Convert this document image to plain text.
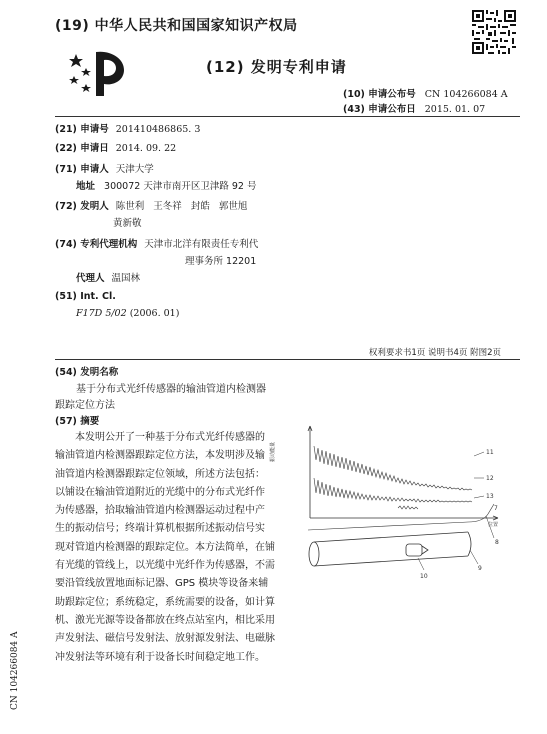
(19) 中华人民共和国国家知识产权局
(12) 发明专利申请
(10) 申请公布号 CN 104266084 A
(43) 申请公布日 2015. 01. 07
(21) 申请号 201410486865. 3
(22) 申请日 2014. 09. 22
(71) 申请人 天津大学
地址 300072 天津市南开区卫津路 92 号
(72) 发明人 陈世利   王冬祥   封皓   郭世旭
黄新敬
(74) 专利代理机构 天津市北洋有限责任专利代
理事务所 12201
代理人 温国林
(51) Int. Cl.
F17D 5/02 (2006. 01)
权利要求书1页 说明书4页 附图2页
(54) 发明名称
基于分布式光纤传感器的输油管道内检测器
跟踪定位方法
(57) 摘要
本发明公开了一种基于分布式光纤传感器的
输油管道内检测器跟踪定位方法，本发明涉及输
油管道内检测器跟踪定位领域，所述方法包括：
以铺设在输油管道附近的光缆中的分布式光纤作
为传感器，拾取输油管道内检测器运动过程中产
生的振动信号；终端计算机根据所述振动信号实
现对管道内检测器的跟踪定位。本方法简单，在铺
有光缆的管线上，以光缆中光纤作为传感器，不需
要沿管线放置地面标记器、GPS 模块等设备来辅
助跟踪定位；系统稳定，系统需要的设备，如计算
机、激光光源等设备都放在终点站室内，相比采用
声发射法、磁信号发射法、放射源发射法、电磁脉
冲发射法等环境有利于设备长时间稳定地工作。
振动能量
位置
11
12
13
7
8
9
10
CN 104266084 A
